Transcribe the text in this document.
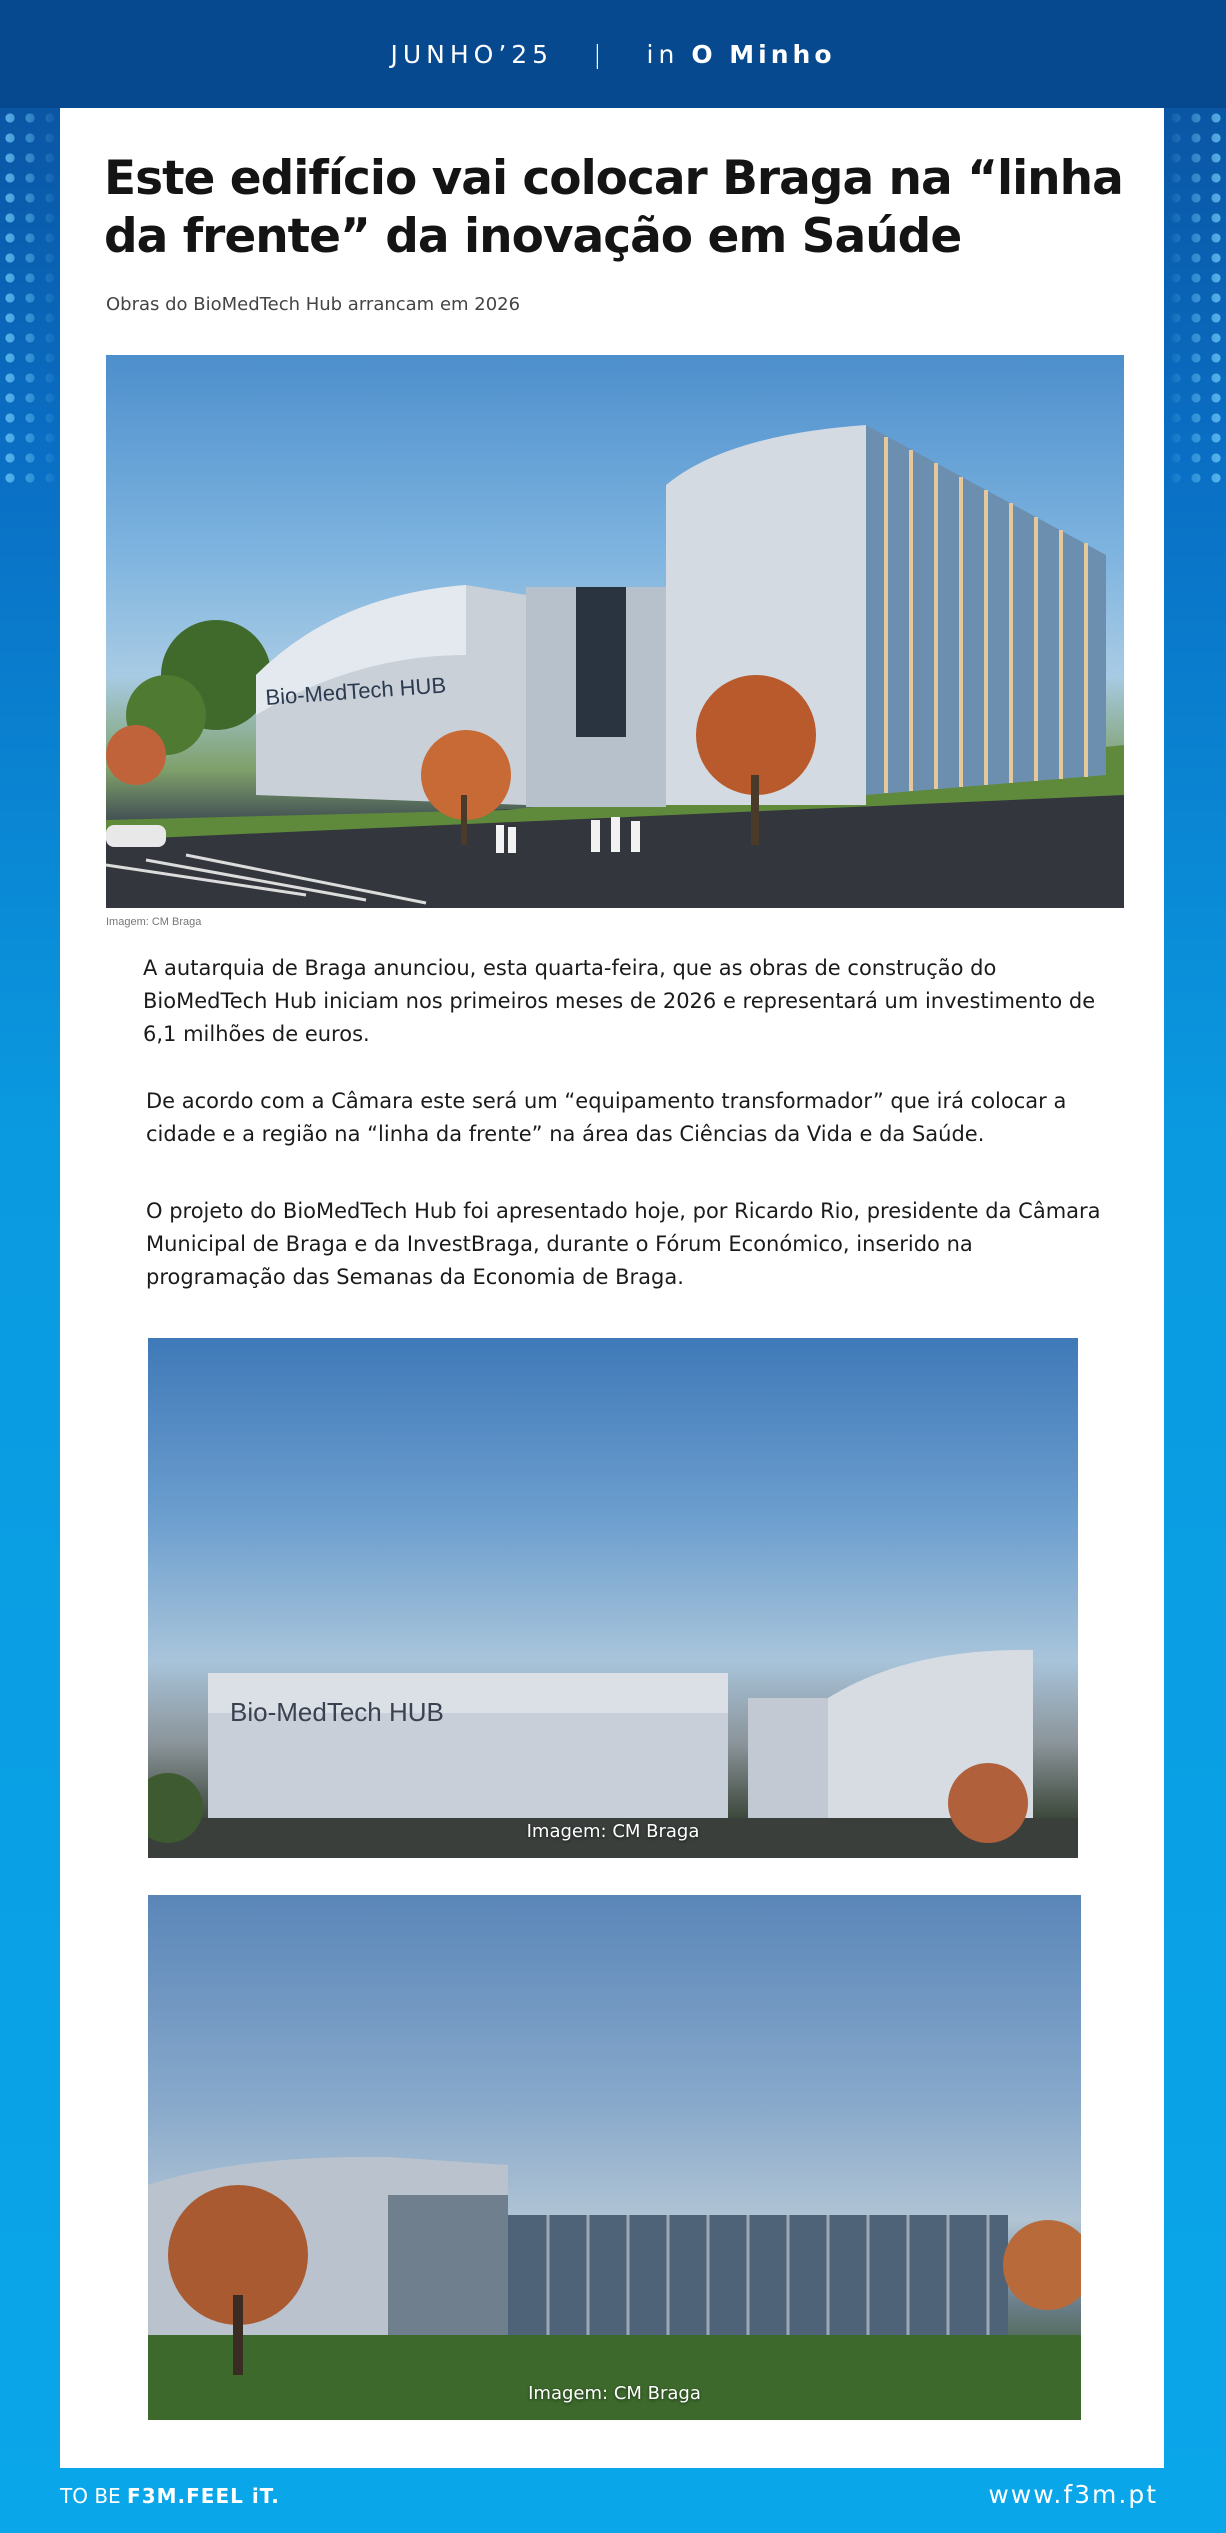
JUNHO’25 | in O Minho
Este edifício vai colocar Braga na “linha da frente” da inovação em Saúde
Obras do BioMedTech Hub arrancam em 2026
Bio-MedTech HUB
Imagem: CM Braga

A autarquia de Braga anunciou, esta quarta-feira, que as obras de construção do BioMedTech Hub iniciam nos primeiros meses de 2026 e representará um investimento de 6,1 milhões de euros.

De acordo com a Câmara este será um “equipamento transformador” que irá colocar a cidade e a região na “linha da frente” na área das Ciências da Vida e da Saúde.

O projeto do BioMedTech Hub foi apresentado hoje, por Ricardo Rio, presidente da Câmara Municipal de Braga e da InvestBraga, durante o Fórum Económico, inserido na programação das Semanas da Economia de Braga.

Bio-MedTech HUB
Imagem: CM Braga
Imagem: CM Braga
TO BE F3M.FEEL iT.	www.f3m.pt
